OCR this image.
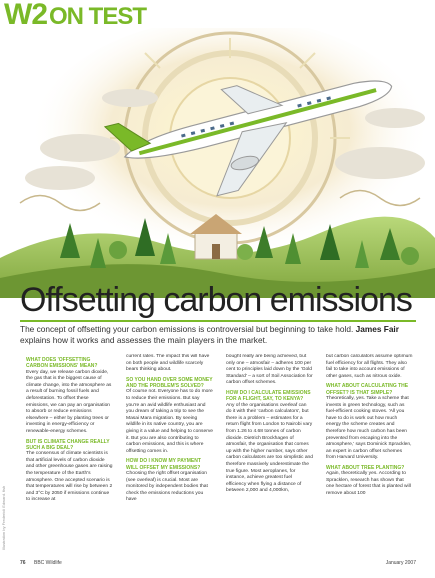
W2ON TEST
Illustration by Fredericli Edward. fish
Offsetting carbon emissions
The concept of offsetting your carbon emissions is controversial but beginning to take hold. James Fair explains how it works and assesses the main players in the market.
WHAT DOES 'OFFSETTING CARBON EMISSIONS' MEAN?

Every day, we release carbon dioxide, the gas that is the biggest cause of climate change, into the atmosphere as a result of burning fossil fuels and deforestation. To offset these emissions, we can pay an organisation to absorb or reduce emissions elsewhere – either by planting trees or investing in energy-efficiency or renewable-energy schemes.

BUT IS CLIMATE CHANGE REALLY SUCH A BIG DEAL?

The consensus of climate scientists is that artificial levels of carbon dioxide and other greenhouse gases are raising the temperature of the Earth's atmosphere. One accepted scenario is that temperatures will rise by between 2 and 3°C by 2050 if emissions continue to increase at

current rates. The impact this will have on both people and wildlife scarcely bears thinking about.

SO YOU HAND OVER SOME MONEY AND THE PROBLEM'S SOLVED?

Of course not. Everyone has to do more to reduce their emissions. But say you're an avid wildlife enthusiast and you dream of taking a trip to see the Masai Mara migration. By seeing wildlife in its native country, you are giving it a value and helping to conserve it. But you are also contributing to carbon emissions, and this is where offsetting comes in.

HOW DO I KNOW MY PAYMENT WILL OFFSET MY EMISSIONS?

Choosing the right offset organisation (see overleaf) is crucial. Most are monitored by independent bodies that check the emissions reductions you have

bought really are being achieved, but only one – atmosfair – adheres 100 per cent to principles laid down by the 'Gold Standard' – a sort of Soil Association for carbon offset schemes.

HOW DO I CALCULATE EMISSIONS FOR A FLIGHT, SAY, TO KENYA?

Any of the organisations overleaf can do it with their 'carbon calculators', but there is a problem – estimates for a return flight from London to Nairobi vary from 1.26 to 4.68 tonnes of carbon dioxide. Dietrich Brockhagen of atmosfair, the organisation that comes up with the higher number, says other carbon calculators are too simplistic and therefore massively underestimate the true figure. Most aeroplanes, for instance, achieve greatest fuel efficiency when flying a distance of between 2,000 and 4,000km,

but carbon calculators assume optimum fuel efficiency for all flights. They also fail to take into account emissions of other gases, such as nitrous oxide.

WHAT ABOUT CALCULATING THE OFFSET? IS THAT SIMPLE?

Theoretically, yes. Take a scheme that invests in green technology, such as fuel-efficient cooking stoves. 'All you have to do is work out how much energy the scheme creates and therefore how much carbon has been prevented from escaping into the atmosphere,' says Dominick Spracklen, an expert in carbon offset schemes from Harvard University.

WHAT ABOUT TREE PLANTING?

Again, theoretically yes. According to Spracklen, research has shown that one hectare of forest that is planted will remove about 100

76 BBC Wildlife	January 2007
